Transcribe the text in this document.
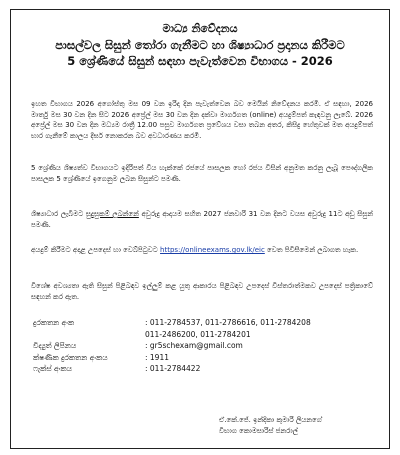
මාධ්‍ය නිවේදනය
පාසල්වල සිසුන් තෝරා ගැනීමට හා ශිෂ්‍යාධාර ප්‍රදානය කිරීමට
5 ශ්‍රේණියේ සිසුන් සඳහා පැවැත්වෙන විභාගය - 2026
ඉහත විභාගය 2026 අගෝස්තු මස 09 වන ඉරිදා දින පැවැත්වෙන බව මෙයින් නිවේදනය කරමි. ඒ සඳහා, 2026 මාර්තු මස 30 වන දින සිට 2026 අප්‍රේල් මස 30 වන දින දක්වා මාර්ගගත (online) අයදුම්පත් කැඳවනු ලැබේ. 2026 අප්‍රේල් මස 30 වන දින මධ්‍යම රාත්‍රී 12.00 පසුව මාර්ගගත ප්‍රවේශය වසා තබන අතර, කිසිදු හේතුවක් මත අයදුම්පත් භාර ගැනීමේ කාලය දීර්ඝ නොකරන බව අවධාරණය කරමි.
5 ශ්‍රේණිය ශිෂ්‍යත්ව විභාගයට ඉදිරිපත් විය හැක්කේ රජයේ පාසලක හෝ රජය විසින් අනුමත කරනු ලැබූ පෞද්ගලික පාසලක 5 ශ්‍රේණියේ ඉගෙනුම ලබන සිසුන්ට පමණි.
ශිෂ්‍යාධාර ලැබීමට සුදුසුකම් ලබන්නේ අවුරුදු ආදායම සහිත 2027 ජනවාරි 31 වන දිනට වයස අවුරුදු 11ට අඩු සිසුන් පමණි.
අයදුම් කිරීමට අදාළ උපදෙස් හා වෙබ්පිටුවට https://onlineexams.gov.lk/eic වෙත පිවිසීමෙන් ලබාගත හැක.
විශේෂ අවශ්‍යතා ඇති සිසුන් පිළිබඳව ඉල්ලුම් කළ යුතු ආකාරය පිළිබඳව උපදෙස් විස්තරාත්මකව උපදෙස් පත්‍රිකාවේ සඳහන් කර ඇත.
දුරකතන අංක	: 011-2784537, 011-2786616, 011-2784208
011-2486200, 011-2784201
විද්‍යුත් ලිපිනය	: gr5schexam@gmail.com
ක්ෂණික දුරකතන අංකය	: 1911
ෆැක්ස් අංකය	: 011-2784422
ඒ.කේ.ජේ. ඉන්දිකා කුමාරි ලියනගේ
විභාග කොමසාරිස් ජනරාල්
